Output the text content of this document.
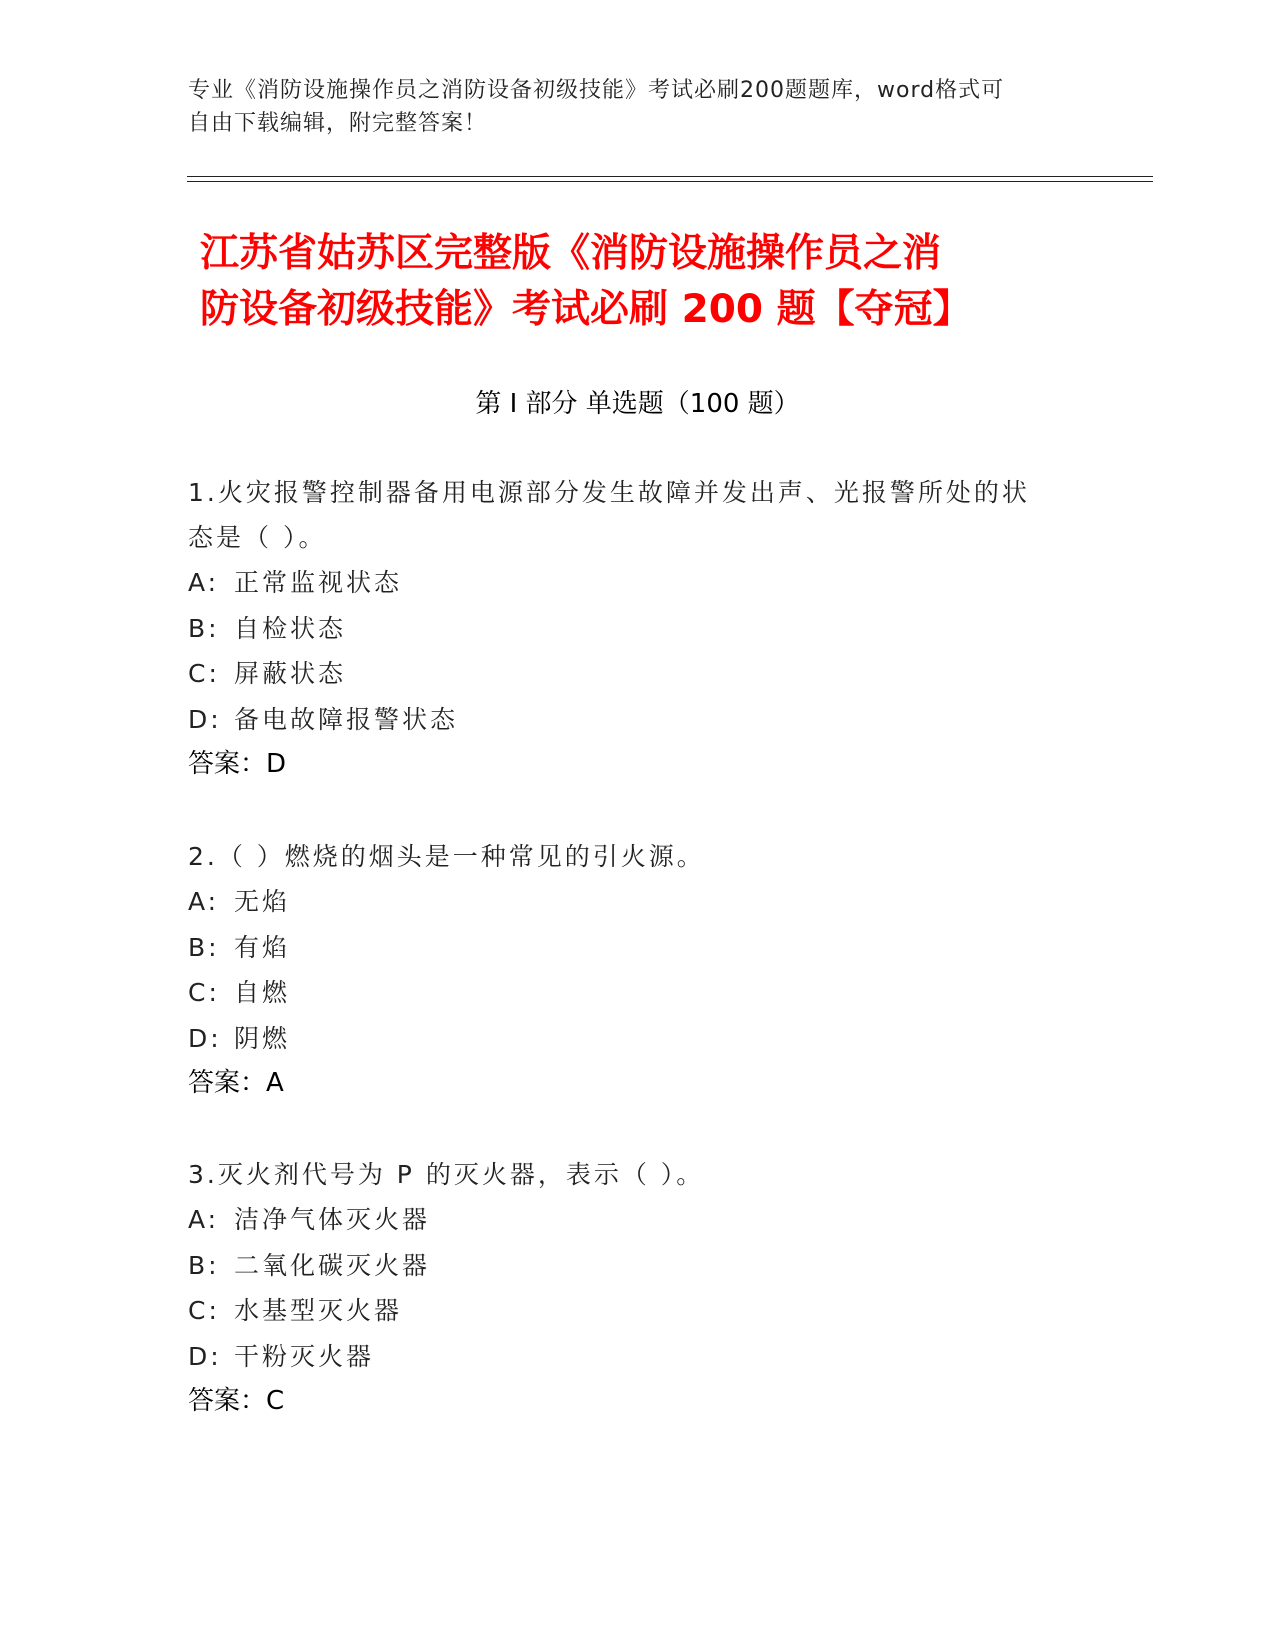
专业《消防设施操作员之消防设备初级技能》考试必刷200题题库，word格式可
自由下载编辑，附完整答案！
江苏省姑苏区完整版《消防设施操作员之消
防设备初级技能》考试必刷 200 题【夺冠】
第 I 部分 单选题（100 题）
1.火灾报警控制器备用电源部分发生故障并发出声、光报警所处的状
态是（ ）。
A: 正常监视状态
B: 自检状态
C: 屏蔽状态
D: 备电故障报警状态
答案：D
2.（ ）燃烧的烟头是一种常见的引火源。
A: 无焰
B: 有焰
C: 自燃
D: 阴燃
答案：A
3.灭火剂代号为 P 的灭火器，表示（ ）。
A: 洁净气体灭火器
B: 二氧化碳灭火器
C: 水基型灭火器
D: 干粉灭火器
答案：C
